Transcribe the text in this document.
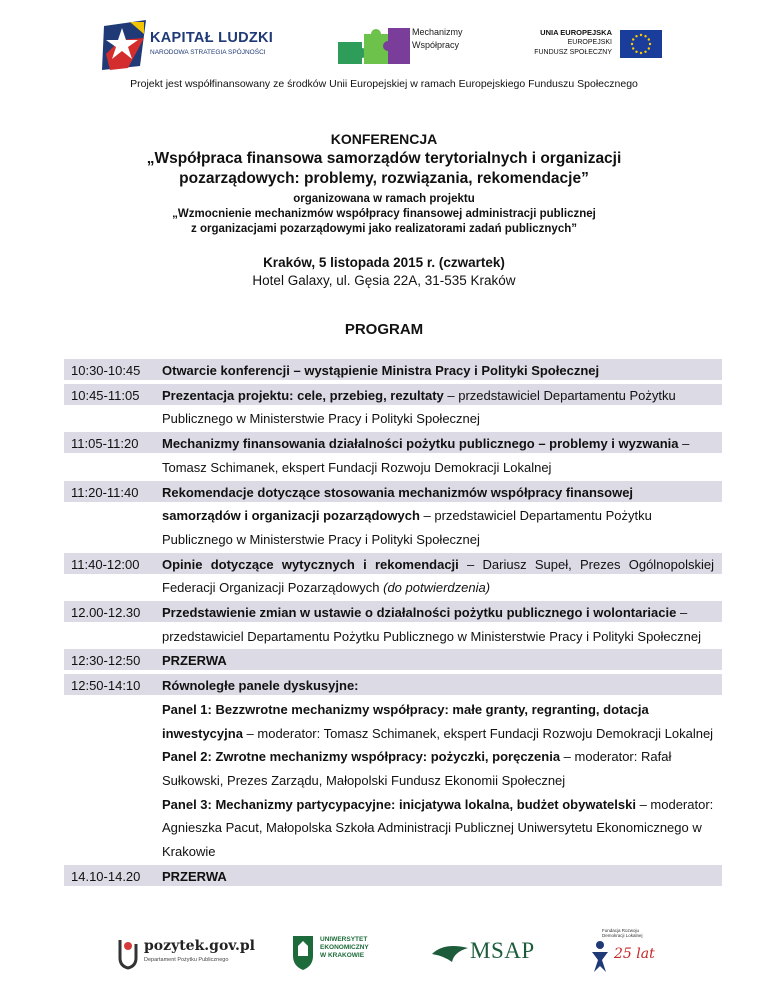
KAPITAŁ LUDZKI
NARODOWA STRATEGIA SPÓJNOŚCI
Mechanizmy
Współpracy
UNIA EUROPEJSKA
EUROPEJSKI
FUNDUSZ SPOŁECZNY
Projekt jest współfinansowany ze środków Unii Europejskiej w ramach Europejskiego Funduszu Społecznego
KONFERENCJA
„Współpraca finansowa samorządów terytorialnych i organizacji
pozarządowych: problemy, rozwiązania, rekomendacje”
organizowana w ramach projektu
„Wzmocnienie mechanizmów współpracy finansowej administracji publicznej
z organizacjami pozarządowymi jako realizatorami zadań publicznych”
Kraków, 5 listopada 2015 r. (czwartek)
Hotel Galaxy, ul. Gęsia 22A, 31-535 Kraków
PROGRAM
10:30-10:45 Otwarcie konferencji – wystąpienie Ministra Pracy i Polityki Społecznej

10:45-11:05 Prezentacja projektu: cele, przebieg, rezultaty – przedstawiciel Departamentu Pożytku Publicznego w Ministerstwie Pracy i Polityki Społecznej

11:05-11:20 Mechanizmy finansowania działalności pożytku publicznego – problemy i wyzwania – Tomasz Schimanek, ekspert Fundacji Rozwoju Demokracji Lokalnej

11:20-11:40 Rekomendacje dotyczące stosowania mechanizmów współpracy finansowej samorządów i organizacji pozarządowych – przedstawiciel Departamentu Pożytku Publicznego w Ministerstwie Pracy i Polityki Społecznej

11:40-12:00 Opinie dotyczące wytycznych i rekomendacji – Dariusz Supeł, Prezes Ogólnopolskiej Federacji Organizacji Pozarządowych (do potwierdzenia)

12.00-12.30 Przedstawienie zmian w ustawie o działalności pożytku publicznego i wolontariacie – przedstawiciel Departamentu Pożytku Publicznego w Ministerstwie Pracy i Polityki Społecznej

12:30-12:50 PRZERWA

12:50-14:10 Równoległe panele dyskusyjne:

Panel 1: Bezzwrotne mechanizmy współpracy: małe granty, regranting, dotacja inwestycyjna – moderator: Tomasz Schimanek, ekspert Fundacji Rozwoju Demokracji Lokalnej

Panel 2: Zwrotne mechanizmy współpracy: pożyczki, poręczenia – moderator: Rafał Sułkowski, Prezes Zarządu, Małopolski Fundusz Ekonomii Społecznej

Panel 3: Mechanizmy partycypacyjne: inicjatywa lokalna, budżet obywatelski – moderator: Agnieszka Pacut, Małopolska Szkoła Administracji Publicznej Uniwersytetu Ekonomicznego w Krakowie

14.10-14.20 PRZERWA

pozytek.gov.pl
Departament Pożytku Publicznego
UNIWERSYTET
EKONOMICZNY
W KRAKOWIE	MSAP
Fundacja Rozwoju
Demokracji Lokalnej
25 lat
